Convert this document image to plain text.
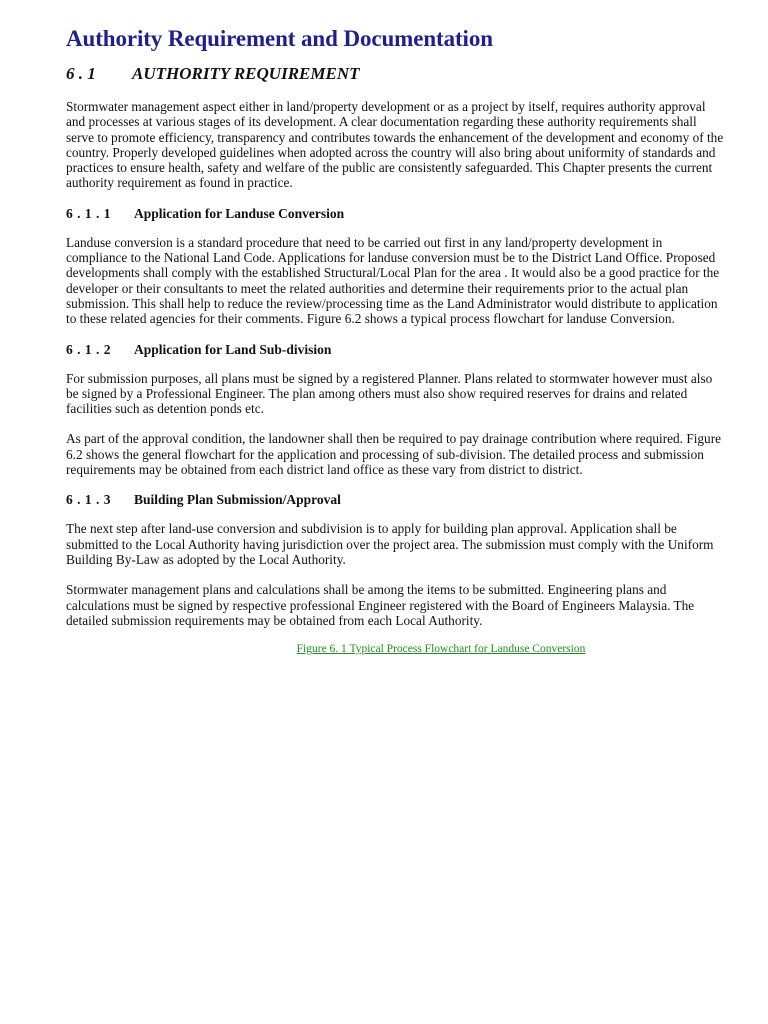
Authority Requirement and Documentation
6 . 1	AUTHORITY REQUIREMENT

Stormwater management aspect either in land/property development or as a project by itself, requires authority approval and processes at various stages of its development. A clear documentation regarding these authority requirements shall serve to promote efficiency, transparency and contributes towards the enhancement of the development and economy of the country. Properly developed guidelines when adopted across the country will also bring about uniformity of standards and practices to ensure health, safety and welfare of the public are consistently safeguarded. This Chapter presents the current authority requirement as found in practice.

6 . 1 . 1	Application for Landuse Conversion

Landuse conversion is a standard procedure that need to be carried out first in any land/property development in compliance to the National Land Code. Applications for landuse conversion must be to the District Land Office. Proposed developments shall comply with the established Structural/Local Plan for the area . It would also be a good practice for the developer or their consultants to meet the related authorities and determine their requirements prior to the actual plan submission. This shall help to reduce the review/processing time as the Land Administrator would distribute to application to these related agencies for their comments. Figure 6.2 shows a typical process flowchart for landuse Conversion.

6 . 1 . 2	Application for Land Sub-division

For submission purposes, all plans must be signed by a registered Planner. Plans related to stormwater however must also be signed by a Professional Engineer. The plan among others must also show required reserves for drains and related facilities such as detention ponds etc.

As part of the approval condition, the landowner shall then be required to pay drainage contribution where required. Figure 6.2 shows the general flowchart for the application and processing of sub-division. The detailed process and submission requirements may be obtained from each district land office as these vary from district to district.

6 . 1 . 3	Building Plan Submission/Approval

The next step after land-use conversion and subdivision is to apply for building plan approval. Application shall be submitted to the Local Authority having jurisdiction over the project area. The submission must comply with the Uniform Building By-Law as adopted by the Local Authority.

Stormwater management plans and calculations shall be among the items to be submitted. Engineering plans and calculations must be signed by respective professional Engineer registered with the Board of Engineers Malaysia. The detailed submission requirements may be obtained from each Local Authority.

Figure 6. 1 Typical Process Flowchart for Landuse Conversion
